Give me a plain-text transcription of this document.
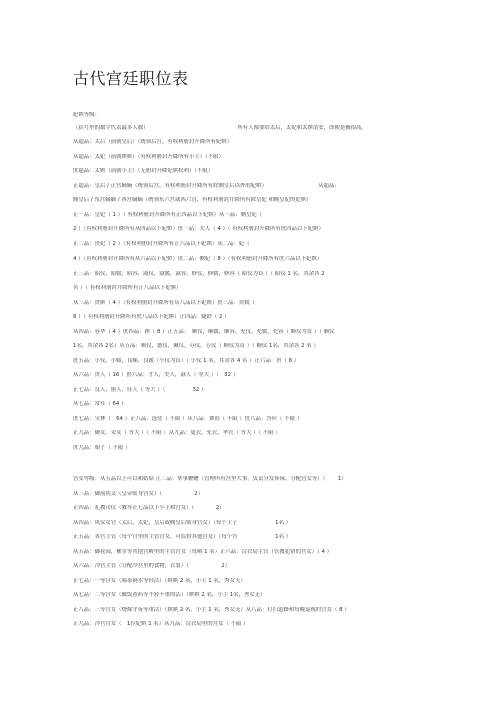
古代宫廷职位表
妃嫔等级：
（括号里的数字代表最多人数）　　　　　　　　　　　　　　　　　所有人都要给太后，太妃和太嫔请安，即便是极很高。
从超品：太后（前朝皇后）（统领后宫，有权利册封升降所有妃嫔）
从超品：太妃（前朝嫔嫔）（有权利册封升降所有小主）（不限）
庶超品：太嫔（前朝小主）（无册封升降妃嫔权利）（不限）
正超品：皇后 / 正宫嫡嫡（统领后宫，有权利册封升降所有除側皇后以外的妃嫔）　　　　　　　　　　从超品：
側皇后 / 东宫嫡嫡 / 西宫嫡嫡（统领东六宫或西六宫，有权利册封升降所有除皇妃 和側皇妃的妃嫔）
正一品：皇妃（ 1 ）（ 有权利册封升降所有正四品以下妃嫔）从一品：側皇妃（
2 ）（有权利册封升降所有从四品以下妃嫔）庶一品：夫人（ 4 ）（ 有权利册封升降所有庶四品以下妃嫔）
正二品：贵妃（ 2 ）（有权利册封升降所有正六品以下妃嫔）从二品：妃（
4 ）（有权利册封升降所有从六品以下妃嫔）庶二品：侧妃（ 8 ）（有权利册封升降所有庶六品以下妃嫔）
正三品：昭仪，昭媛，昭容，淑仪，淑媛，淑容，修仪，修媛，修容（ 昭仪为首 ）（ 昭仪 1 名，其余各 2
名 ）（ 有权利册封升降所有正八品以下妃嫔）
从三品：贵嫔（ 4 ）（有权利册封升降所有从八品以下妃嫔）庶三品：贵媛（
8 ）（ 有权利册封升降所有庶八品以下妃嫔）正四品：婕妤（ 2 ）
从四品：容华（ 4 ）庶四品：嫔（ 8 ）正五品：　顺仪，顺媛，顺容，充仪，充媛，充容（ 顺仪为首 ）（ 顺仪
1名，其余各 2名）从五品：顺仪，德仪，佩仪，芬仪，芳仪（ 顺仪为首 ）（ 顺仪 1名，其余各 2 名 ）
庶五品：小仪，小媛，良娣，良媛（小仪为首）（ 小仪 1 名，其余各 4 名 ）正六品：贵（ 8 ）
从六品：贵人（ 16 ）庶六品：才人，美人，淑人（ 等大 ）（　32 ）
正七品：良人，丽人，佳人（ 等大 ）（　　　　　32 ）
从七品：常在（ 64 ）
庶七品：宝林（　64 ）正八品：选侍（ 不限 ）从八品：舞涓（ 不限 ）庶八品：答应（ 不限 ）
正九品：御女，采女（ 等大 ）（ 不限 ）从九品：更衣，充衣，华衣（ 等大 ）（ 不限 ）
庶九品：娘子（ 不限 ）
宫女等级：从五品以上可以和姑姑 正三品：掌事嬷嬷（管理所有宫里大事，负责分发俸禄，分配宫女等）（　　 1）
从三品：御前尚义（皇帝贴身宫女）（　　　　　　2）
正四品：礼教司仪（教导正七品以下小主和宫女）（　　　　2）
从四品：风仪女官（太后，太妃，皇后或側皇后贴身宫女）（每个主子　　　　　　　1名 ）
正五品：各宫主管（每个宫里的主管宫女，可监督其他宫女）（每个宫　　　　　　　1名 ）
从五品：御花园，佛堂等其他宫殿里的主管宫女（每殿 1 名）正六品：浣衣局主管（管教犯错的宫女）（ 4 ）
从六品：冷宫主管（分配冷宫里的食物，衣裳）（　　　　　　2）
正七品：一等宫女（端茶倒水等轻活）（嫔嫔 2 名，小主 1 名，秀女无）
从七品：二等宫女（做饭煮药等不轻不重的活）（嫔嫔 2 名，小主 1名，秀女无）
正八品：三等宫女（烧煤守夜等重活）（嫔嫔 2 名，小主 1 名，秀女无）从八品：打扫道路和每晚巡视的宫女（ 8 ）
正九品：冷宫宫女（　1位妃嫔 1 名）从九品：浣衣局里的宫女（ 不限 ）
